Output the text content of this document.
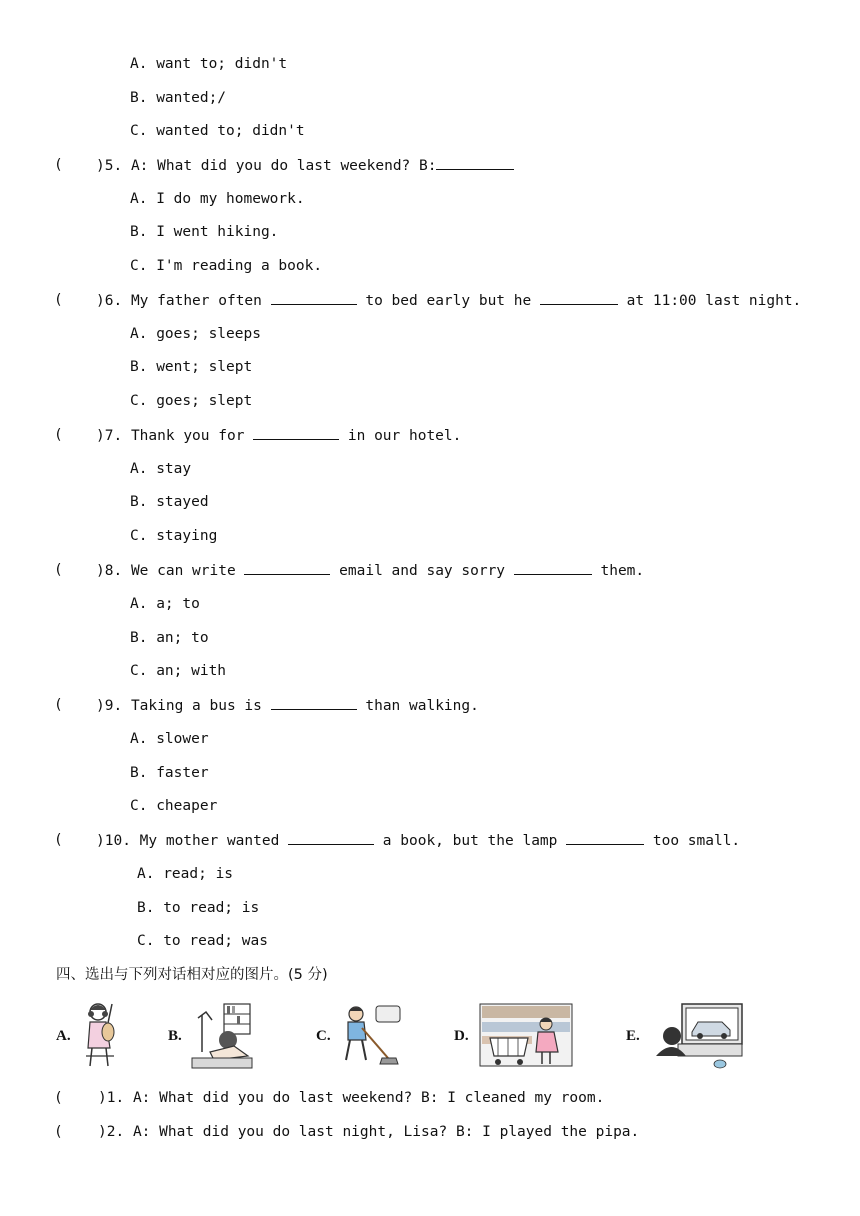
A. want to; didn't
B. wanted;/
C. wanted to; didn't
(
)5. A: What did you do last weekend? B:
A. I do my homework.
B. I went hiking.
C. I'm reading a book.
(
)6. My father often	to bed early but he	at 11:00 last night.
A. goes; sleeps
B. went; slept
C. goes; slept
(
)7. Thank you for	in our hotel.
A. stay
B. stayed
C. staying
(
)8. We can write	email and say sorry	them.
A. a; to
B. an; to
C. an; with
(
)9. Taking a bus is	than walking.
A. slower
B. faster
C. cheaper
(
)10. My mother wanted	a book, but the lamp	too small.
A. read; is
B. to read; is
C. to read; was
四、选出与下列对话相对应的图片。(5 分)
A.	B.	C.	D.	E.
( )1. A: What did you do last weekend? B: I cleaned my room.
( )2. A: What did you do last night, Lisa? B: I played the pipa.
